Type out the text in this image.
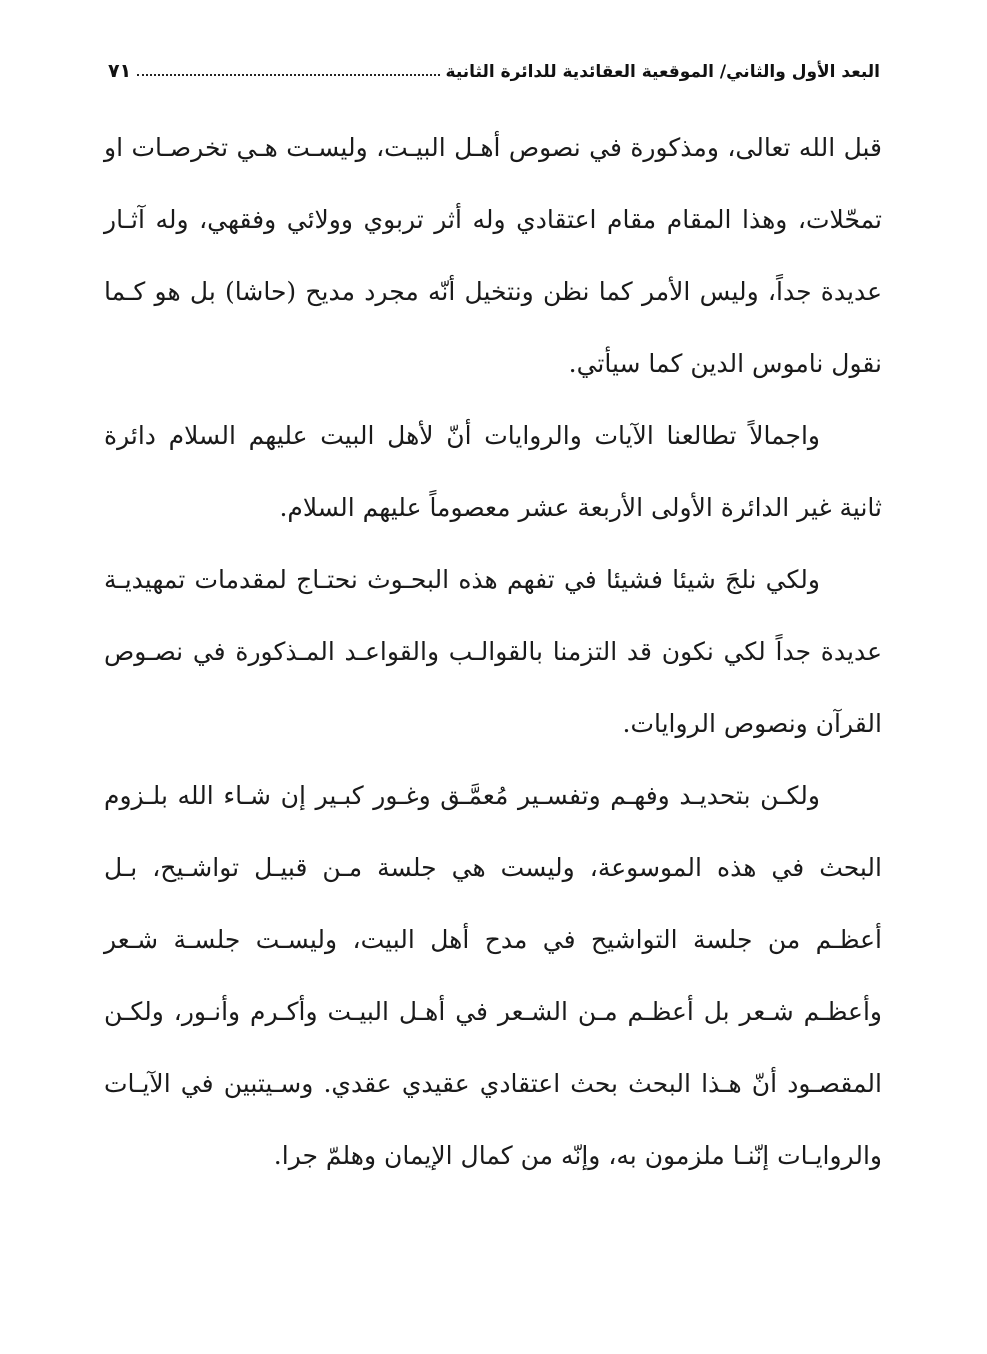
البعد الأول والثاني/ الموقعية العقائدية للدائرة الثانية
٧١

قبل الله تعالى، ومذكورة في نصوص أهـل البيـت، وليسـت هـي تخرصـات او تمحّلات، وهذا المقام مقام اعتقادي وله أثر تربوي وولائي وفقهي، وله آثـار عديدة جداً، وليس الأمر كما نظن ونتخيل أنّه مجرد مديح (حاشا) بل هو كـما نقول ناموس الدين كما سيأتي.

واجمالاً تطالعنا الآيات والروايات أنّ لأهل البيت عليهم السلام دائرة ثانية غير الدائرة الأولى الأربعة عشر معصوماً عليهم السلام.

ولكي نلجَ شيئا فشيئا في تفهم هذه البحـوث نحتـاج لمقدمات تمهيديـة عديدة جداً لكي نكون قد التزمنا بالقوالـب والقواعـد المـذكورة في نصـوص القرآن ونصوص الروايات.

ولكـن بتحديـد وفهـم وتفسـير مُعمَّـق وغـور كبـير إن شـاء الله بلـزوم البحث في هذه الموسوعة، وليست هي جلسة مـن قبيـل تواشـيح، بـل أعظـم من جلسة التواشيح في مدح أهل البيت، وليسـت جلسـة شـعر وأعظـم شـعر بل أعظـم مـن الشـعر في أهـل البيـت وأكـرم وأنـور، ولكـن المقصـود أنّ هـذا البحث بحث اعتقادي عقيدي عقدي. وسـيتبين في الآيـات والروايـات إنّنـا ملزمون به، وإنّه من كمال الإيمان وهلمّ جرا.
